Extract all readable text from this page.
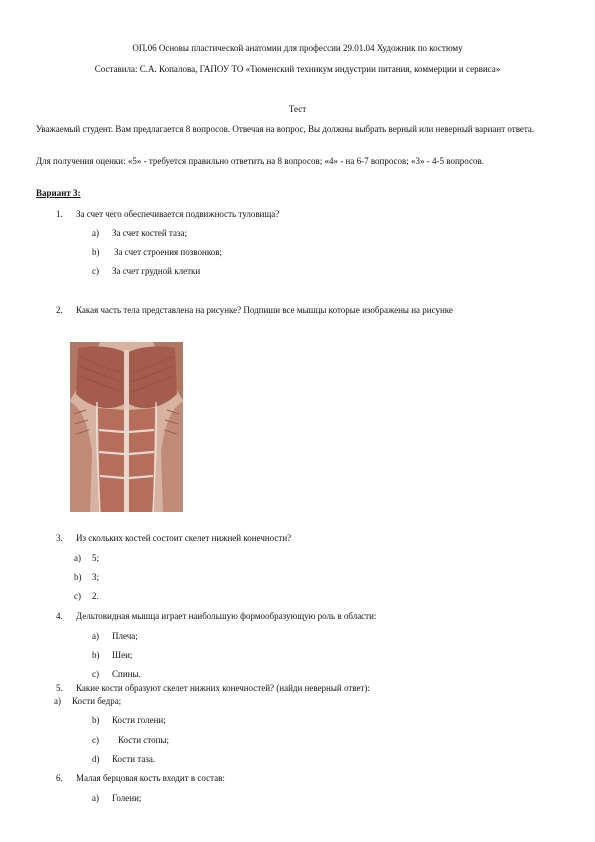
ОП.06 Основы пластической анатомии для профессии 29.01.04 Художник по костюму
Составила: С.А. Копалова, ГАПОУ ТО «Тюменский техникум индустрии питания, коммерции и сервиса»
Тест
Уважаемый студент. Вам предлагается 8 вопросов. Отвечая на вопрос, Вы должны выбрать верный или неверный вариант ответа.
Для получения оценки: «5» - требуется правильно ответить на 8 вопросов; «4» - на 6-7 вопросов; «3» - 4-5 вопросов.
Вариант 3:
1. За счет чего обеспечивается подвижность туловища?
a) За счет костей таза;
b) За счет строения позвонков;
c) За счет грудной клетки
2. Какая часть тела представлена на рисунке? Подпиши все мышцы которые изображены на рисунке
3. Из скольких костей состоит скелет нижней конечности?
a) 5;
b) 3;
c) 2.
4. Дельтовидная мышца играет наибольшую формообразующую роль в области:
a) Плеча;
b) Шеи;
c) Спины.
5. Какие кости образуют скелет нижних конечностей? (найди неверный ответ):
a) Кости бедра;
b) Кости голени;
c) Кости стопы;
d) Кости таза.
6. Малая берцовая кость входит в состав:
a) Голени;
